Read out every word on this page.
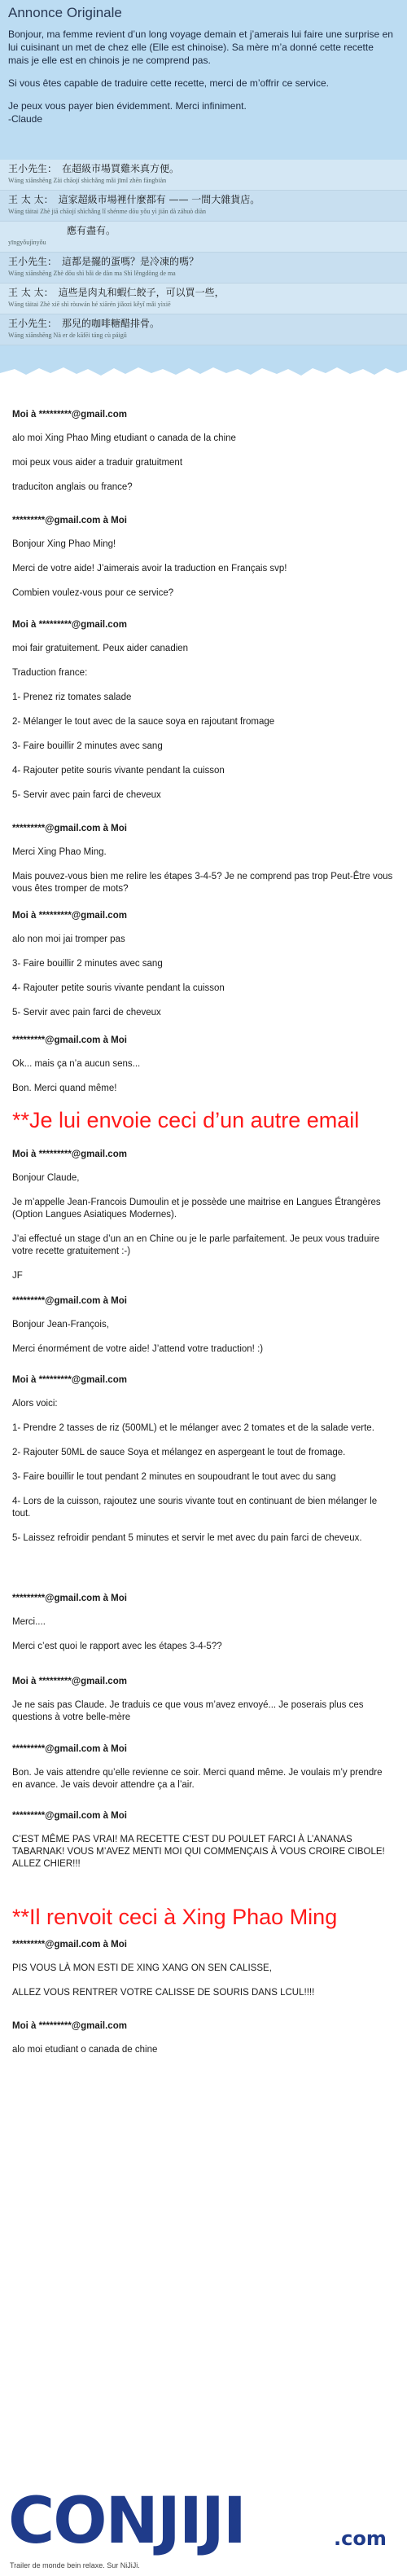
Annonce Originale

Bonjour, ma femme revient d’un long voyage demain et j’amerais lui faire une surprise en lui cuisinant un met de chez elle (Elle est chinoise). Sa mère m’a donné cette recette mais je elle est en chinois je ne comprend pas.

Si vous êtes capable de traduire cette recette, merci de m’offrir ce service.

Je peux vous payer bien évidemment. Merci infiniment.

-Claude

王小先生：　在超級市場買雞米真方便。
Wáng xiānshēng Zài chāojí shìchǎng mǎi jīmǐ zhēn fāngbiàn
王 太 太：　這家超級市場裡什麼都有 —— 一間大雜貨店。
Wáng tàitai Zhè jiā chāojí shìchǎng lǐ shénme dōu yǒu yì jiān dà záhuò diàn
　　　　　　應有盡有。
yīngyǒujìnyǒu
王小先生：　這都是擺的蛋嗎？是冷凍的嗎？
Wáng xiānshēng Zhè dōu shì bǎi de dàn ma Shì lěngdòng de ma
王 太 太：　這些是肉丸和蝦仁餃子，可以買一些，
Wáng tàitai Zhè xiē shì ròuwán hé xiārén jiǎozi kěyǐ mǎi yìxiē
王小先生：　那兒的咖啡糖醋排骨。
Wáng xiānshēng Nà er de kāfēi táng cù páigǔ

Moi à *********@gmail.com

alo moi Xing Phao Ming etudiant o canada de la chine

moi peux vous aider a traduir gratuitment

traduciton anglais ou france?

*********@gmail.com à Moi

Bonjour Xing Phao Ming!

Merci de votre aide! J’aimerais avoir la traduction en Français svp!

Combien voulez-vous pour ce service?

Moi à *********@gmail.com

moi fair gratuitement. Peux aider canadien

Traduction france:

1- Prenez riz tomates salade

2- Mélanger le tout avec de la sauce soya en rajoutant fromage

3- Faire bouillir 2 minutes avec sang

4- Rajouter petite souris vivante pendant la cuisson

5- Servir avec pain farci de cheveux

*********@gmail.com à Moi

Merci Xing Phao Ming.

Mais pouvez-vous bien me relire les étapes 3-4-5? Je ne comprend pas trop Peut-Être vous vous êtes tromper de mots?

Moi à *********@gmail.com

alo non moi jai tromper pas

3- Faire bouillir 2 minutes avec sang

4- Rajouter petite souris vivante pendant la cuisson

5- Servir avec pain farci de cheveux

*********@gmail.com à Moi

Ok... mais ça n’a aucun sens...

Bon. Merci quand même!

**Je lui envoie ceci d’un autre email

Moi à *********@gmail.com

Bonjour Claude,

Je m’appelle Jean-Francois Dumoulin et je possède une maitrise en Langues Étrangères (Option Langues Asiatiques Modernes).

J’ai effectué un stage d’un an en Chine ou je le parle parfaitement. Je peux vous traduire votre recette gratuitement :-)

JF

*********@gmail.com à Moi

Bonjour Jean-François,

Merci énormément de votre aide! J’attend votre traduction! :)

Moi à *********@gmail.com

Alors voici:

1- Prendre 2 tasses de riz (500ML) et le mélanger avec 2 tomates et de la salade verte.

2- Rajouter 50ML de sauce Soya et mélangez en aspergeant le tout de fromage.

3- Faire bouillir le tout pendant 2 minutes en soupoudrant le tout avec du sang

4- Lors de la cuisson, rajoutez une souris vivante tout en continuant de bien mélanger le tout.

5- Laissez refroidir pendant 5 minutes et servir le met avec du pain farci de cheveux.

*********@gmail.com à Moi

Merci....

Merci c’est quoi le rapport avec les étapes 3-4-5??

Moi à *********@gmail.com

Je ne sais pas Claude. Je traduis ce que vous m’avez envoyé... Je poserais plus ces questions à votre belle-mère

*********@gmail.com à Moi

Bon. Je vais attendre qu’elle revienne ce soir. Merci quand même. Je voulais m’y prendre en avance. Je vais devoir attendre ça a l’air.

*********@gmail.com à Moi

C’EST MÊME PAS VRAI! MA RECETTE C’EST DU POULET FARCI À L’ANANAS TABARNAK! VOUS M’AVEZ MENTI MOI QUI COMMENÇAIS À VOUS CROIRE CIBOLE! ALLEZ CHIER!!!

**Il renvoit ceci à Xing Phao Ming

*********@gmail.com à Moi

PIS VOUS LÀ MON ESTI DE XING XANG ON SEN CALISSE,

ALLEZ VOUS RENTRER VOTRE CALISSE DE SOURIS DANS LCUL!!!!

Moi à *********@gmail.com

alo moi etudiant o canada de chine

CONJIJI	.com
Trailer de monde bein relaxe. Sur NiJiJi.
